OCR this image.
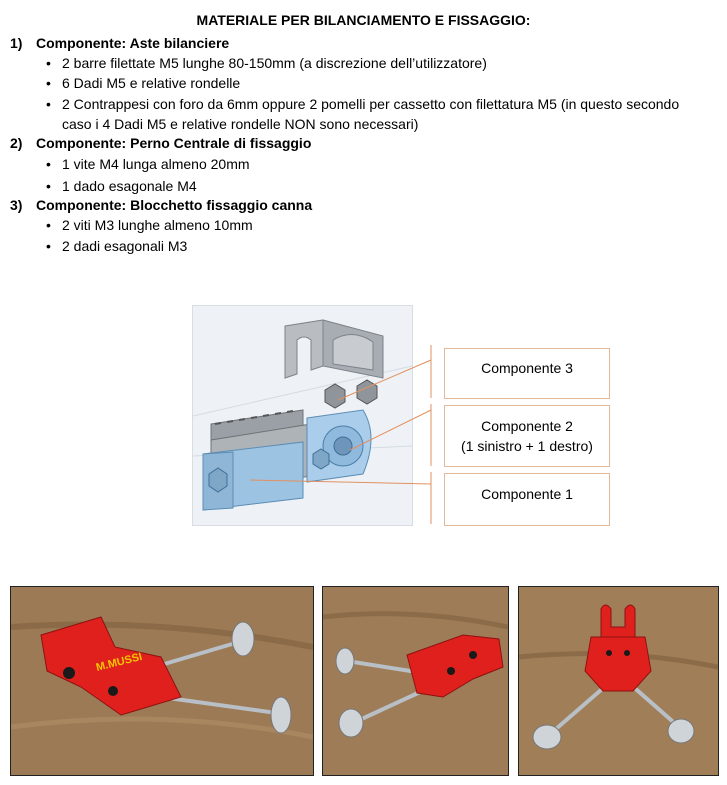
MATERIALE PER BILANCIAMENTO E FISSAGGIO:
1) Componente: Aste bilanciere
• 2 barre filettate M5 lunghe 80-150mm (a discrezione dell’utilizzatore)
• 6 Dadi M5 e relative rondelle
• 2 Contrappesi con foro da 6mm oppure 2 pomelli per cassetto con filettatura M5 (in questo secondo caso i 4 Dadi M5 e relative rondelle NON sono necessari)
2) Componente: Perno Centrale di fissaggio
• 1 vite M4 lunga almeno 20mm
• 1 dado esagonale M4
3) Componente: Blocchetto fissaggio canna
• 2 viti M3 lunghe almeno 10mm
• 2 dadi esagonali M3
Componente 3
Componente 2
(1 sinistro + 1 destro)
Componente 1
M.MUSSI
